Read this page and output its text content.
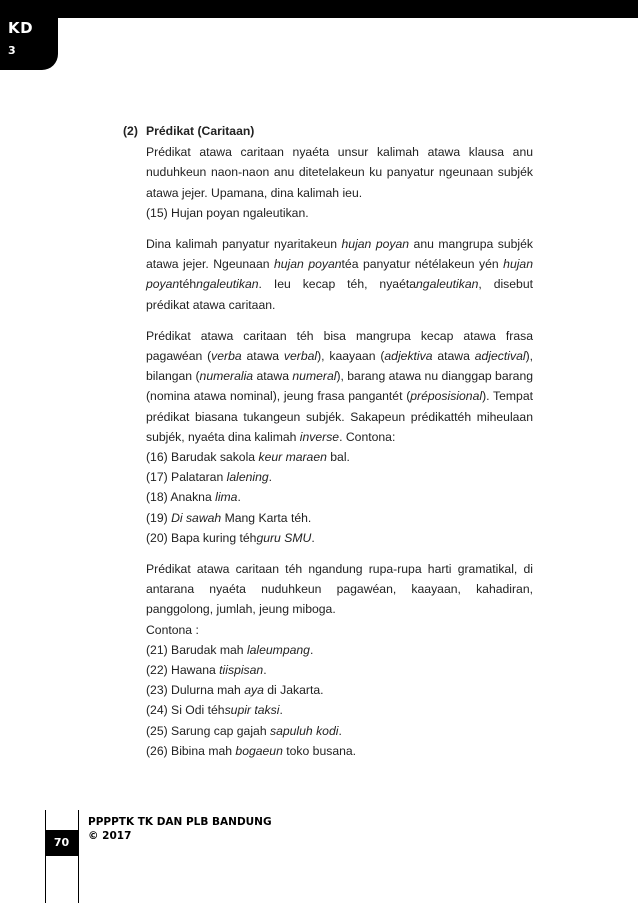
KD
3
(2) Prédikat (Caritaan)

Prédikat atawa caritaan nyaéta unsur kalimah atawa klausa anu nuduhkeun naon-naon anu ditetelakeun ku panyatur ngeunaan subjék atawa jejer. Upamana, dina kalimah ieu.

(15) Hujan poyan ngaleutikan.

Dina kalimah panyatur nyaritakeun hujan poyan anu mangrupa subjék atawa jejer. Ngeunaan hujan poyantéa panyatur nétélakeun yén hujan poyantéhngaleutikan. Ieu kecap téh, nyaétangaleutikan, disebut prédikat atawa caritaan.

Prédikat atawa caritaan téh bisa mangrupa kecap atawa frasa pagawéan (verba atawa verbal), kaayaan (adjektiva atawa adjectival), bilangan (numeralia atawa numeral), barang atawa nu dianggap barang (nomina atawa nominal), jeung frasa pangantét (préposisional). Tempat prédikat biasana tukangeun subjék. Sakapeun prédikattéh miheulaan subjék, nyaéta dina kalimah inverse. Contona:

(16) Barudak sakola keur maraen bal.

(17) Palataran lalening.

(18) Anakna lima.

(19) Di sawah Mang Karta téh.

(20) Bapa kuring téhguru SMU.

Prédikat atawa caritaan téh ngandung rupa-rupa harti gramatikal, di antarana nyaéta nuduhkeun pagawéan, kaayaan, kahadiran, panggolong, jumlah, jeung miboga.

Contona :

(21) Barudak mah laleumpang.

(22) Hawana tiispisan.

(23) Dulurna mah aya di Jakarta.

(24) Si Odi téhsupir taksi.

(25) Sarung cap gajah sapuluh kodi.

(26) Bibina mah bogaeun toko busana.

70
PPPPTK TK DAN PLB BANDUNG
© 2017
